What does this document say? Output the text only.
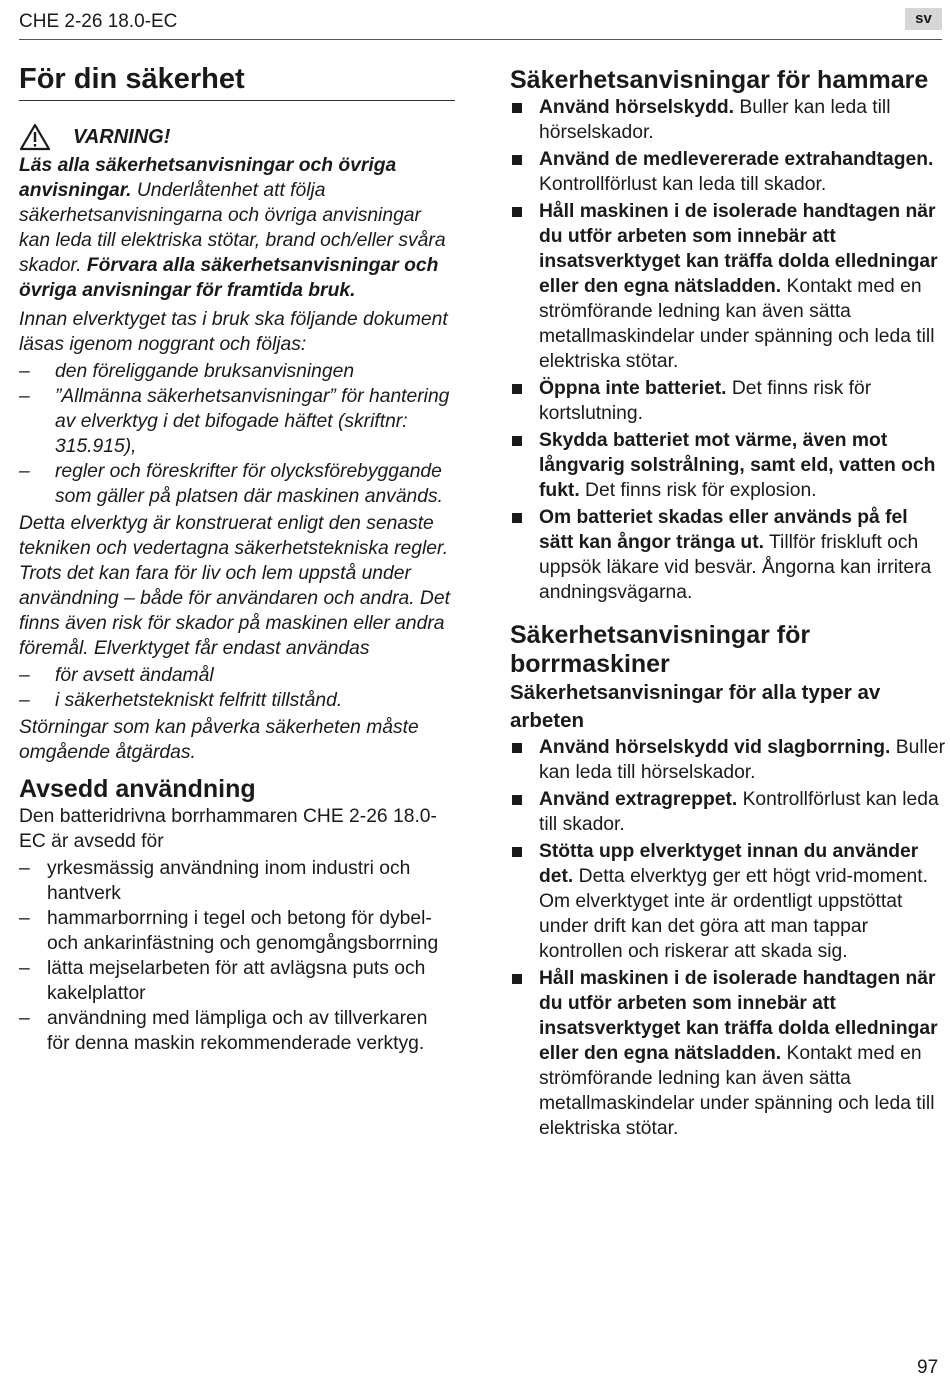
CHE 2-26 18.0-EC	sv
För din säkerhet
VARNING!

Läs alla säkerhetsanvisningar och övriga anvisningar. Underlåtenhet att följa säkerhetsanvisningarna och övriga anvisningar kan leda till elektriska stötar, brand och/eller svåra skador. Förvara alla säkerhetsanvisningar och övriga anvisningar för framtida bruk.

Innan elverktyget tas i bruk ska följande dokument läsas igenom noggrant och följas:

– den föreliggande bruksanvisningen
– ”Allmänna säkerhetsanvisningar” för hantering av elverktyg i det bifogade häftet (skriftnr: 315.915),
– regler och föreskrifter för olycksförebyggande som gäller på platsen där maskinen används.

Detta elverktyg är konstruerat enligt den senaste tekniken och vedertagna säkerhetstekniska regler. Trots det kan fara för liv och lem uppstå under användning – både för användaren och andra. Det finns även risk för skador på maskinen eller andra föremål. Elverktyget får endast användas

– för avsett ändamål
– i säkerhetstekniskt felfritt tillstånd.

Störningar som kan påverka säkerheten måste omgående åtgärdas.

Avsedd användning

Den batteridrivna borrhammaren CHE 2-26 18.0-EC är avsedd för

– yrkesmässig användning inom industri och hantverk
– hammarborrning i tegel och betong för dybel- och ankarinfästning och genomgångsborrning
– lätta mejselarbeten för att avlägsna puts och kakelplattor
– användning med lämpliga och av tillverkaren för denna maskin rekommenderade verktyg.
Säkerhetsanvisningar för hammare
Använd hörselskydd. Buller kan leda till hörselskador.
Använd de medlevererade extrahandtagen. Kontrollförlust kan leda till skador.
Håll maskinen i de isolerade handtagen när du utför arbeten som innebär att insatsverktyget kan träffa dolda elledningar eller den egna nätsladden. Kontakt med en strömförande ledning kan även sätta metallmaskindelar under spänning och leda till elektriska stötar.
Öppna inte batteriet. Det finns risk för kortslutning.
Skydda batteriet mot värme, även mot långvarig solstrålning, samt eld, vatten och fukt. Det finns risk för explosion.
Om batteriet skadas eller används på fel sätt kan ångor tränga ut. Tillför friskluft och uppsök läkare vid besvär. Ångorna kan irritera andningsvägarna.
Säkerhetsanvisningar för borrmaskiner
Säkerhetsanvisningar för alla typer av arbeten
Använd hörselskydd vid slagborrning. Buller kan leda till hörselskador.
Använd extragreppet. Kontrollförlust kan leda till skador.
Stötta upp elverktyget innan du använder det. Detta elverktyg ger ett högt vrid-moment. Om elverktyget inte är ordentligt uppstöttat under drift kan det göra att man tappar kontrollen och riskerar att skada sig.
Håll maskinen i de isolerade handtagen när du utför arbeten som innebär att insatsverktyget kan träffa dolda elledningar eller den egna nätsladden. Kontakt med en strömförande ledning kan även sätta metallmaskindelar under spänning och leda till elektriska stötar.
97
